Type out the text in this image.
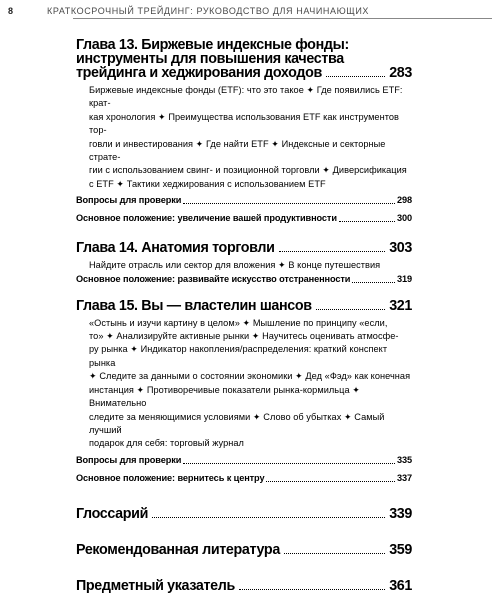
8	КРАТКОСРОЧНЫЙ ТРЕЙДИНГ: РУКОВОДСТВО ДЛЯ НАЧИНАЮЩИХ
Глава 13. Биржевые индексные фонды:
инструменты для повышения качества
трейдинга и хеджирования доходов	283
Биржевые индексные фонды (ETF): что это такое ✦ Где появились ETF: крат-
кая хронология ✦ Преимущества использования ETF как инструментов тор-
говли и инвестирования ✦ Где найти ETF ✦ Индексные и секторные страте-
гии с использованием свинг- и позиционной торговли ✦ Диверсификация
с ETF ✦ Тактики хеджирования с использованием ETF
Вопросы для проверки	298
Основное положение: увеличение вашей продуктивности	300
Глава 14. Анатомия торговли	303
Найдите отрасль или сектор для вложения ✦ В конце путешествия
Основное положение: развивайте искусство отстраненности	319
Глава 15. Вы — властелин шансов	321
«Остынь и изучи картину в целом» ✦ Мышление по принципу «если,
то» ✦ Анализируйте активные рынки ✦ Научитесь оценивать атмосфе-
ру рынка ✦ Индикатор накопления/распределения: краткий конспект рынка
✦ Следите за данными о состоянии экономики ✦ Дед «Фэд» как конечная
инстанция ✦ Противоречивые показатели рынка-кормильца ✦ Внимательно
следите за меняющимися условиями ✦ Слово об убытках ✦ Самый лучший
подарок для себя: торговый журнал
Вопросы для проверки	335
Основное положение: вернитесь к центру	337
Глоссарий	339
Рекомендованная литература	359
Предметный указатель	361
